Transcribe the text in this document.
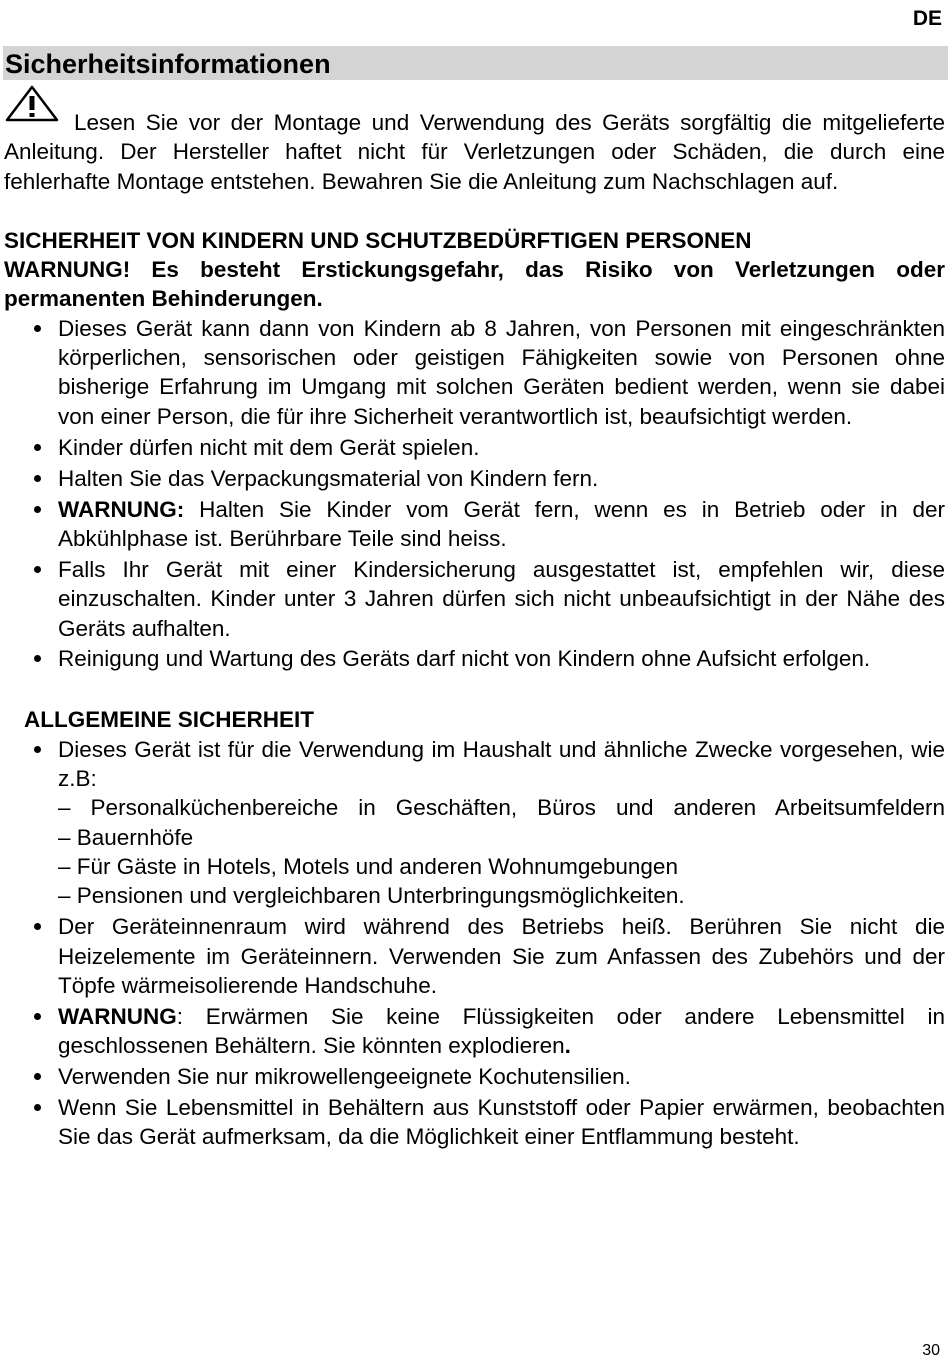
DE
Sicherheitsinformationen

Lesen Sie vor der Montage und Verwendung des Geräts sorgfältig die mitgelieferte Anleitung. Der Hersteller haftet nicht für Verletzungen oder Schäden, die durch eine fehlerhafte Montage entstehen. Bewahren Sie die Anleitung zum Nachschlagen auf.

SICHERHEIT VON KINDERN UND SCHUTZBEDÜRFTIGEN PERSONEN

WARNUNG! Es besteht Erstickungsgefahr, das Risiko von Verletzungen oder permanenten Behinderungen.

Dieses Gerät kann dann von Kindern ab 8 Jahren, von Personen mit eingeschränkten körperlichen, sensorischen oder geistigen Fähigkeiten sowie von Personen ohne bisherige Erfahrung im Umgang mit solchen Geräten bedient werden, wenn sie dabei von einer Person, die für ihre Sicherheit verantwortlich ist, beaufsichtigt werden.
Kinder dürfen nicht mit dem Gerät spielen.
Halten Sie das Verpackungsmaterial von Kindern fern.
WARNUNG: Halten Sie Kinder vom Gerät fern, wenn es in Betrieb oder in der Abkühlphase ist. Berührbare Teile sind heiss.
Falls Ihr Gerät mit einer Kindersicherung ausgestattet ist, empfehlen wir, diese einzuschalten. Kinder unter 3 Jahren dürfen sich nicht unbeaufsichtigt in der Nähe des Geräts aufhalten.
Reinigung und Wartung des Geräts darf nicht von Kindern ohne Aufsicht erfolgen.

ALLGEMEINE SICHERHEIT

Dieses Gerät ist für die Verwendung im Haushalt und ähnliche Zwecke vorgesehen, wie z.B:
– Personalküchenbereiche in Geschäften, Büros und anderen Arbeitsumfeldern
– Bauernhöfe
– Für Gäste in Hotels, Motels und anderen Wohnumgebungen
– Pensionen und vergleichbaren Unterbringungsmöglichkeiten.
Der Geräteinnenraum wird während des Betriebs heiß. Berühren Sie nicht die Heizelemente im Geräteinnern. Verwenden Sie zum Anfassen des Zubehörs und der Töpfe wärmeisolierende Handschuhe.
WARNUNG: Erwärmen Sie keine Flüssigkeiten oder andere Lebensmittel in geschlossenen Behältern. Sie könnten explodieren.
Verwenden Sie nur mikrowellengeeignete Kochutensilien.
Wenn Sie Lebensmittel in Behältern aus Kunststoff oder Papier erwärmen, beobachten Sie das Gerät aufmerksam, da die Möglichkeit einer Entflammung besteht.
30
